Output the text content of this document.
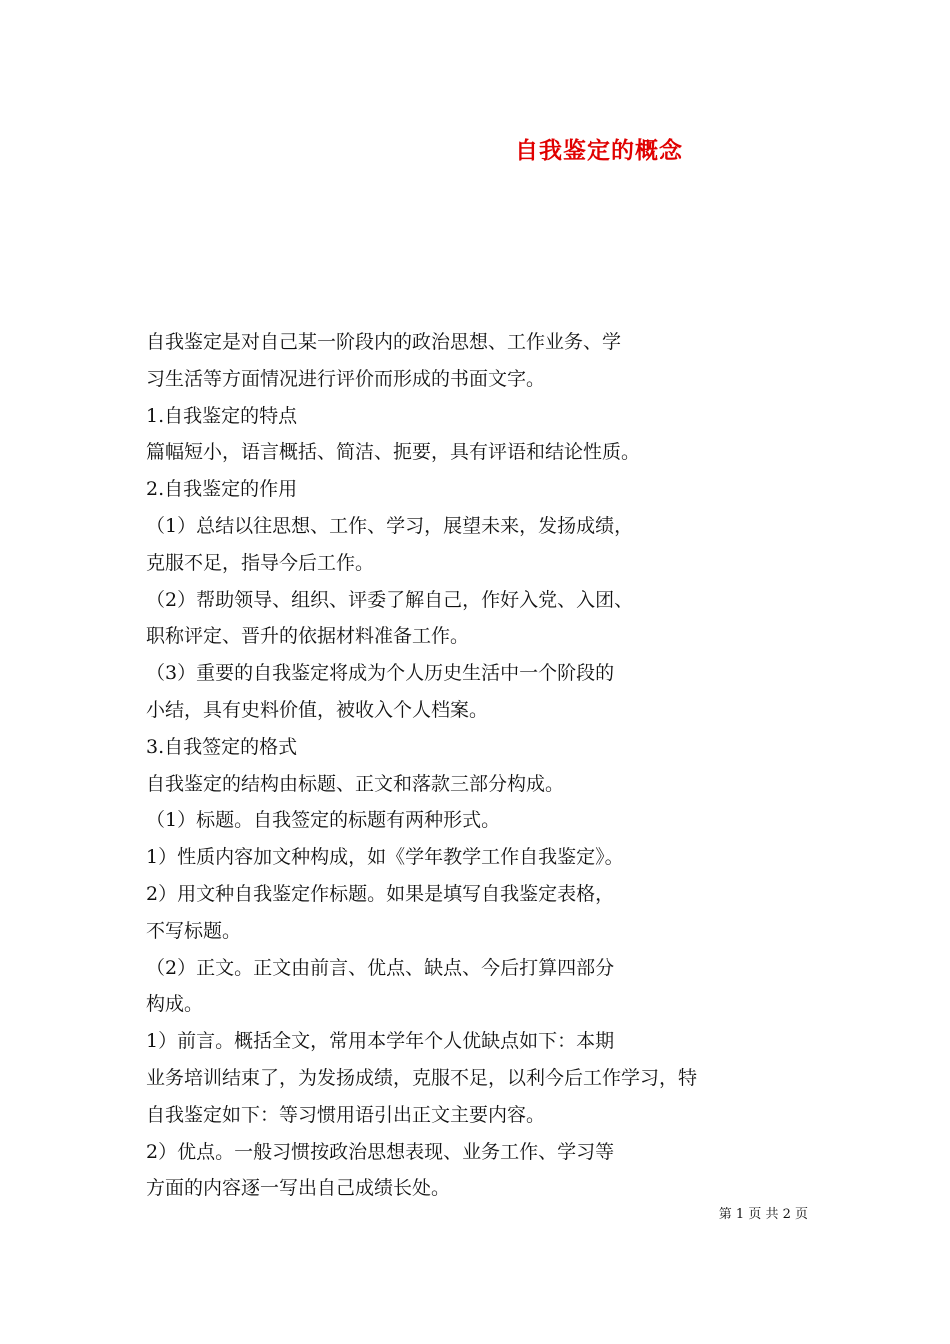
自我鉴定的概念

自我鉴定是对自己某一阶段内的政治思想、工作业务、学

习生活等方面情况进行评价而形成的书面文字。

1.自我鉴定的特点

篇幅短小，语言概括、简洁、扼要，具有评语和结论性质。

2.自我鉴定的作用

（1）总结以往思想、工作、学习，展望未来，发扬成绩，

克服不足，指导今后工作。

（2）帮助领导、组织、评委了解自己，作好入党、入团、

职称评定、晋升的依据材料准备工作。

（3）重要的自我鉴定将成为个人历史生活中一个阶段的

小结，具有史料价值，被收入个人档案。

3.自我签定的格式

自我鉴定的结构由标题、正文和落款三部分构成。

（1）标题。自我签定的标题有两种形式。

1）性质内容加文种构成，如《学年教学工作自我鉴定》。

2）用文种自我鉴定作标题。如果是填写自我鉴定表格，

不写标题。

（2）正文。正文由前言、优点、缺点、今后打算四部分

构成。

1）前言。概括全文，常用本学年个人优缺点如下：本期

业务培训结束了，为发扬成绩，克服不足，以利今后工作学习，特

自我鉴定如下：等习惯用语引出正文主要内容。

2）优点。一般习惯按政治思想表现、业务工作、学习等

方面的内容逐一写出自己成绩长处。

第 1 页 共 2 页
